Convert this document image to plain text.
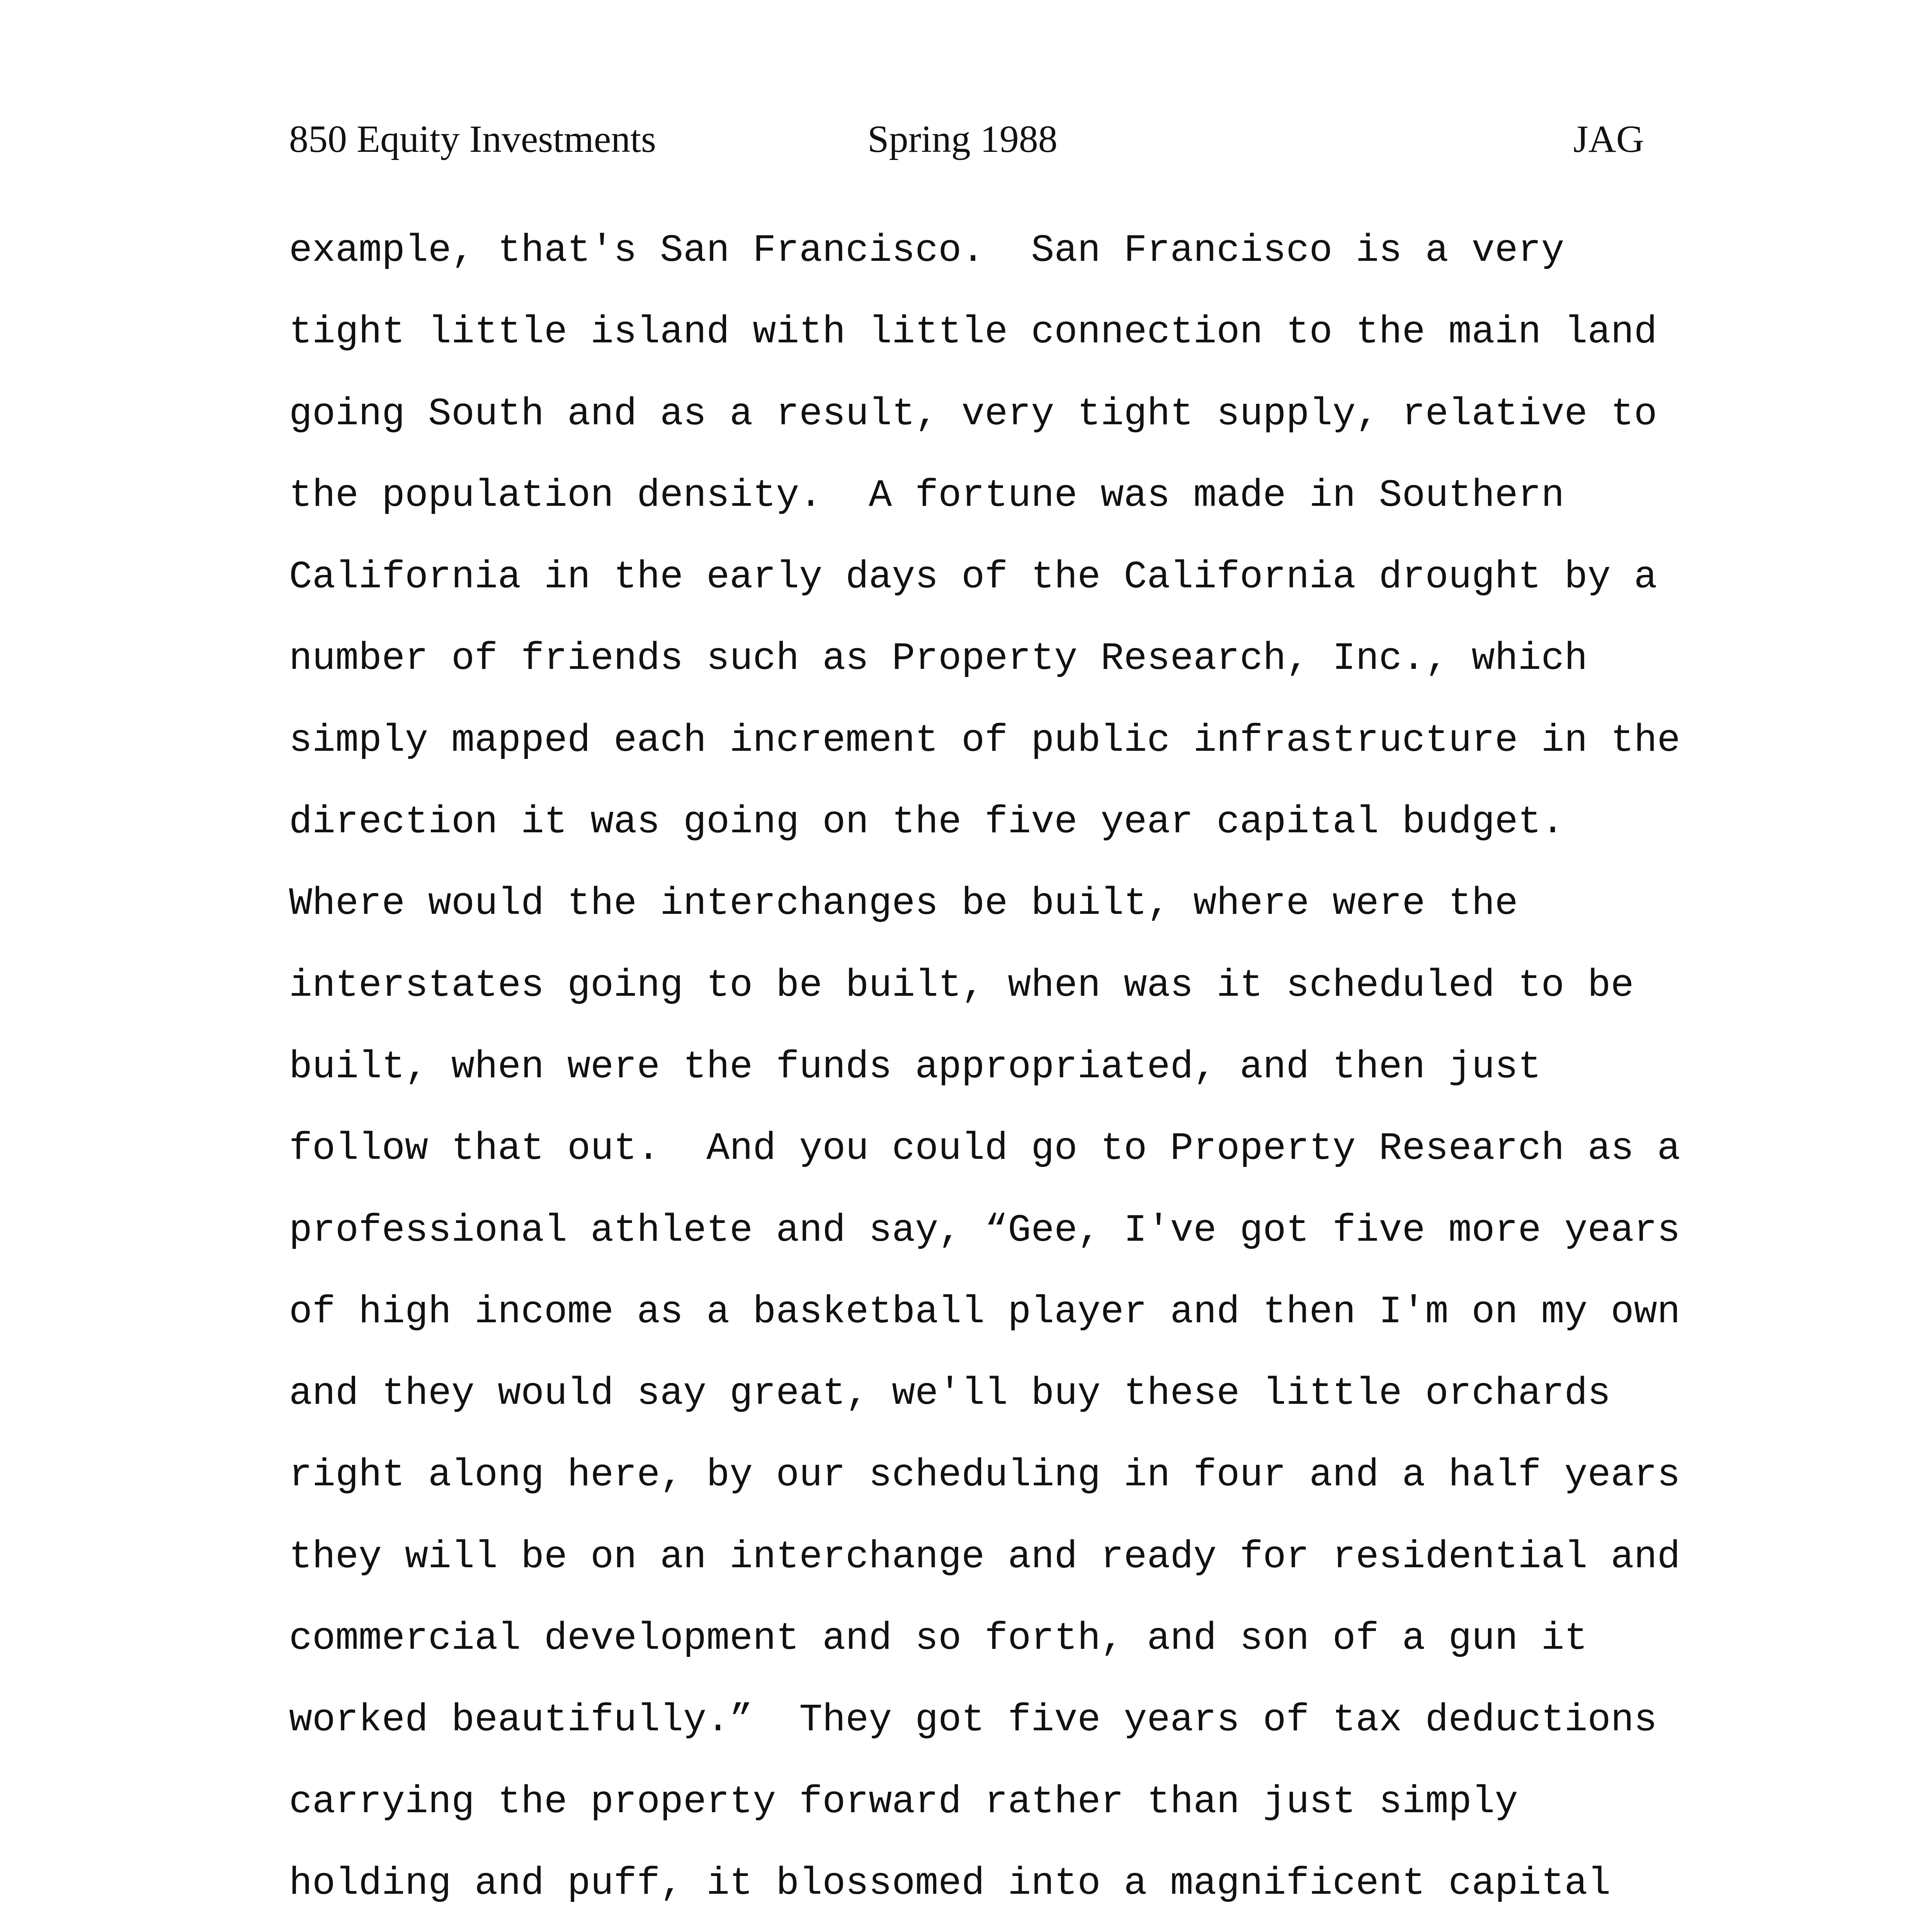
850 Equity Investments	Spring 1988	JAG
example, that's San Francisco.  San Francisco is a very
tight little island with little connection to the main land
going South and as a result, very tight supply, relative to
the population density.  A fortune was made in Southern
California in the early days of the California drought by a
number of friends such as Property Research, Inc., which
simply mapped each increment of public infrastructure in the
direction it was going on the five year capital budget.
Where would the interchanges be built, where were the
interstates going to be built, when was it scheduled to be
built, when were the funds appropriated, and then just
follow that out.  And you could go to Property Research as a
professional athlete and say, “Gee, I've got five more years
of high income as a basketball player and then I'm on my own
and they would say great, we'll buy these little orchards
right along here, by our scheduling in four and a half years
they will be on an interchange and ready for residential and
commercial development and so forth, and son of a gun it
worked beautifully.”  They got five years of tax deductions
carrying the property forward rather than just simply
holding and puff, it blossomed into a magnificent capital
